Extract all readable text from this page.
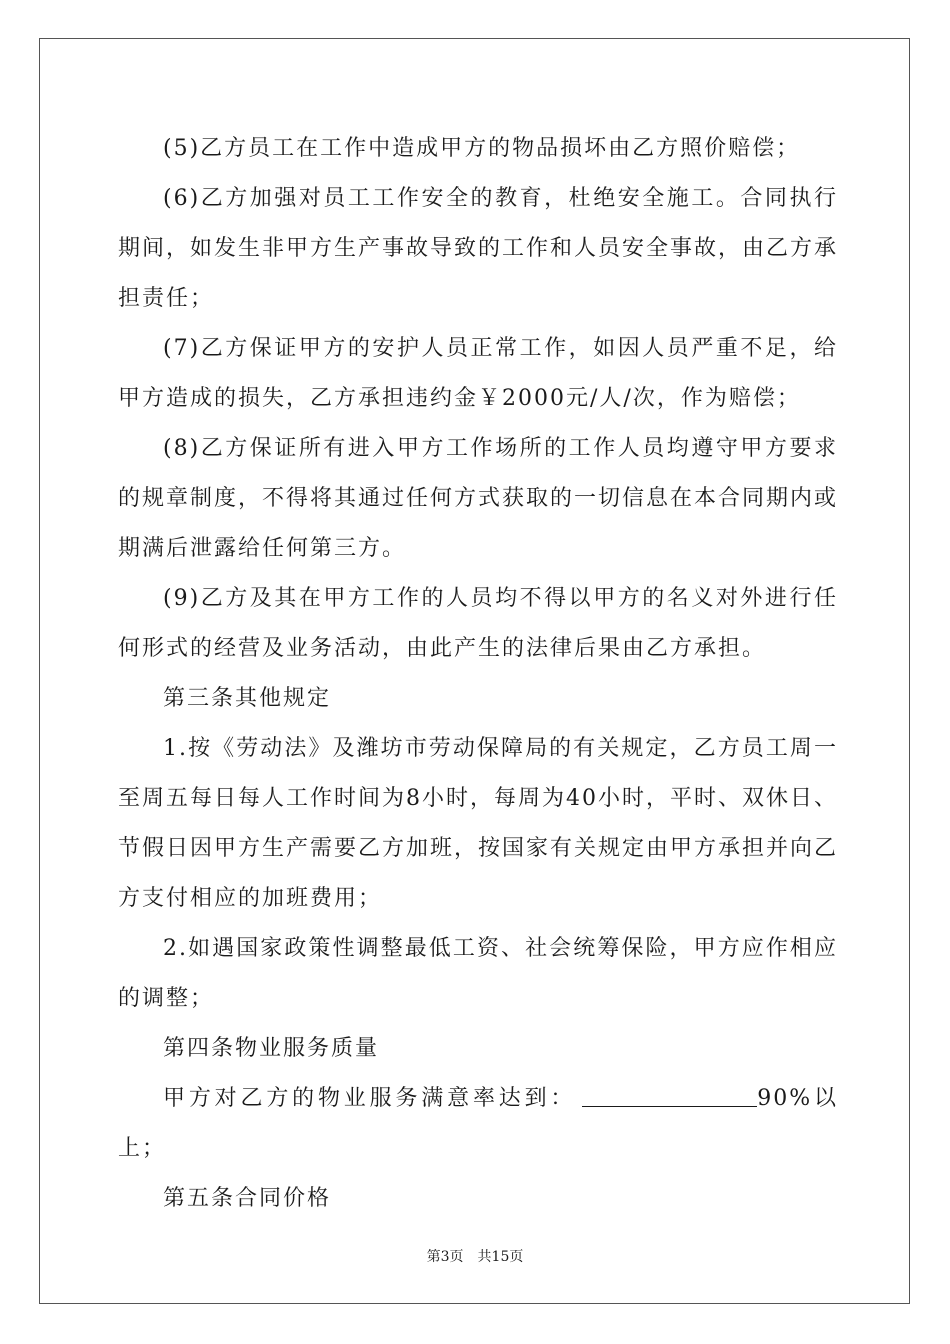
(5)乙方员工在工作中造成甲方的物品损坏由乙方照价赔偿；

(6)乙方加强对员工工作安全的教育，杜绝安全施工。合同执行期间，如发生非甲方生产事故导致的工作和人员安全事故，由乙方承担责任；

(7)乙方保证甲方的安护人员正常工作，如因人员严重不足，给甲方造成的损失，乙方承担违约金￥2000元/人/次，作为赔偿；

(8)乙方保证所有进入甲方工作场所的工作人员均遵守甲方要求的规章制度，不得将其通过任何方式获取的一切信息在本合同期内或期满后泄露给任何第三方。

(9)乙方及其在甲方工作的人员均不得以甲方的名义对外进行任何形式的经营及业务活动，由此产生的法律后果由乙方承担。

第三条其他规定

1.按《劳动法》及潍坊市劳动保障局的有关规定，乙方员工周一至周五每日每人工作时间为8小时，每周为40小时，平时、双休日、节假日因甲方生产需要乙方加班，按国家有关规定由甲方承担并向乙方支付相应的加班费用；

2.如遇国家政策性调整最低工资、社会统筹保险，甲方应作相应的调整；

第四条物业服务质量

甲方对乙方的物业服务满意率达到：	90%以上；

第五条合同价格

第3页 共15页
